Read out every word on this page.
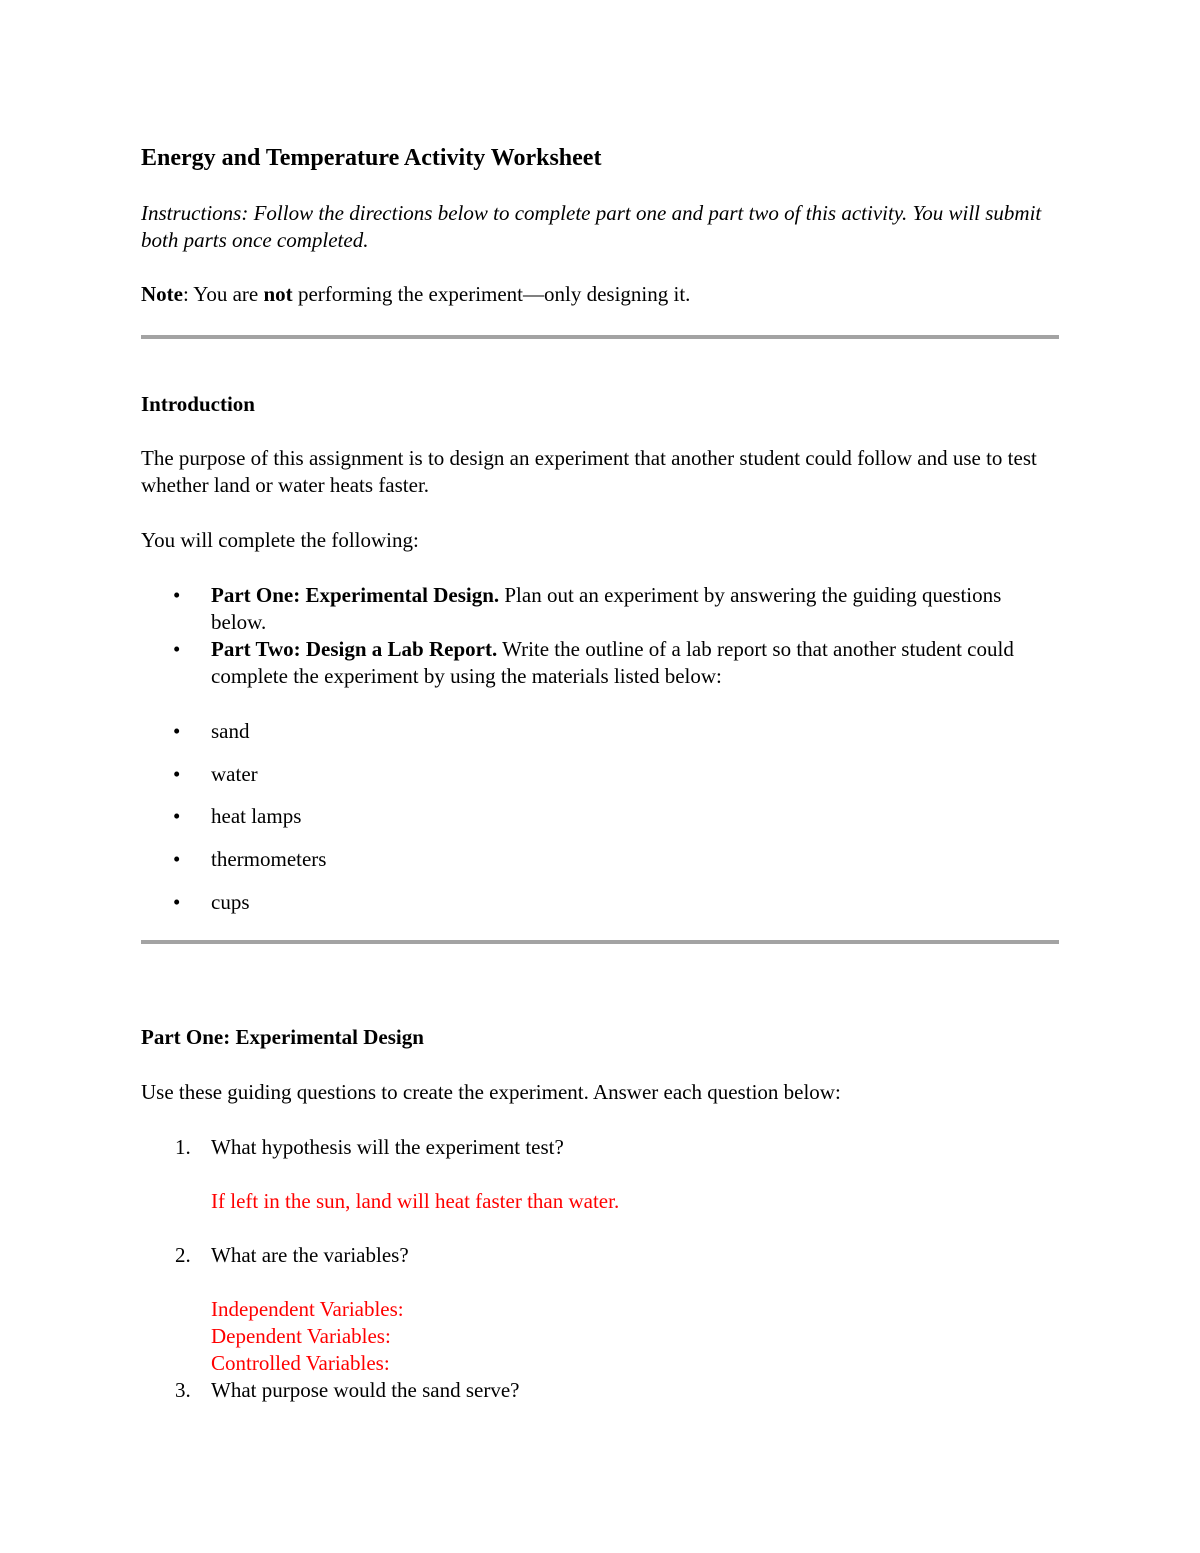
Energy and Temperature Activity Worksheet

Instructions: Follow the directions below to complete part one and part two of this activity. You will submit both parts once completed.

Note: You are not performing the experiment—only designing it.

Introduction

The purpose of this assignment is to design an experiment that another student could follow and use to test whether land or water heats faster.

You will complete the following:

• Part One: Experimental Design. Plan out an experiment by answering the guiding questions below.

• Part Two: Design a Lab Report. Write the outline of a lab report so that another student could complete the experiment by using the materials listed below:

• sand

• water

• heat lamps

• thermometers

• cups

Part One: Experimental Design

Use these guiding questions to create the experiment. Answer each question below:

1. What hypothesis will the experiment test?

If left in the sun, land will heat faster than water.

2. What are the variables?

Independent Variables:

Dependent Variables:

Controlled Variables:

3. What purpose would the sand serve?
